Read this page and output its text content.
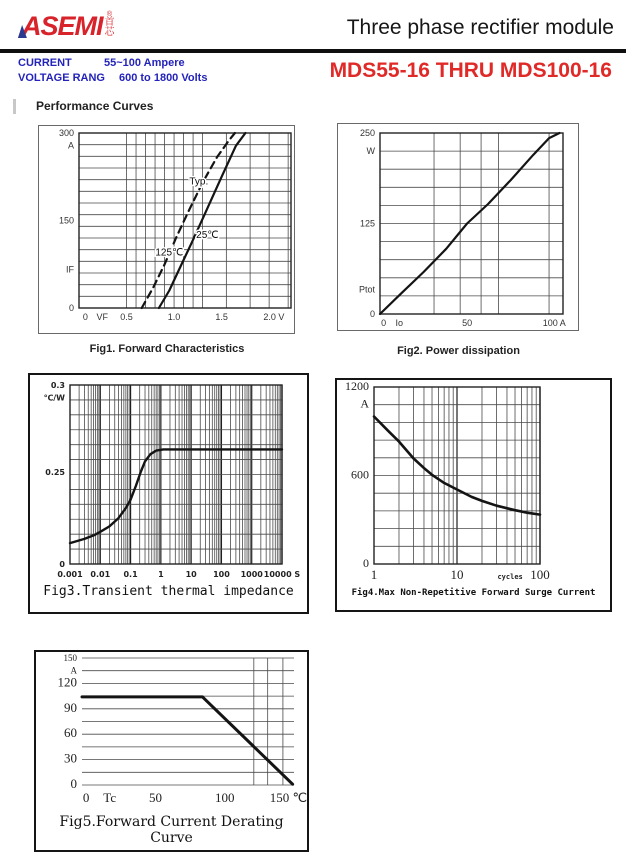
ASEMI ®
首
芯	Three phase rectifier module
CURRENT	55~100 Ampere
VOLTAGE RANG 600 to 1800 Volts	MDS55-16 THRU MDS100-16
Performance Curves
0 VF 0.5	1.0	1.5	2.0 V
300
A
150
IF
0
Typ.
125℃
25℃
Fig1. Forward Characteristics
0 Io	50	100 A
250
W
125
Ptot
0
Fig2. Power dissipation
0.001 0.01 0.1	1	10 100 1000 10000 S
0.3
℃/W
0.25
0
Fig3.Transient thermal impedance
1	10	cycles 100
1200
A
600
0
Fig4.Max Non-Repetitive Forward Surge Current
0 Tc	50	100	150 ℃
150
A
120
90
60
30
0
Fig5.Forward Current Derating Curve
